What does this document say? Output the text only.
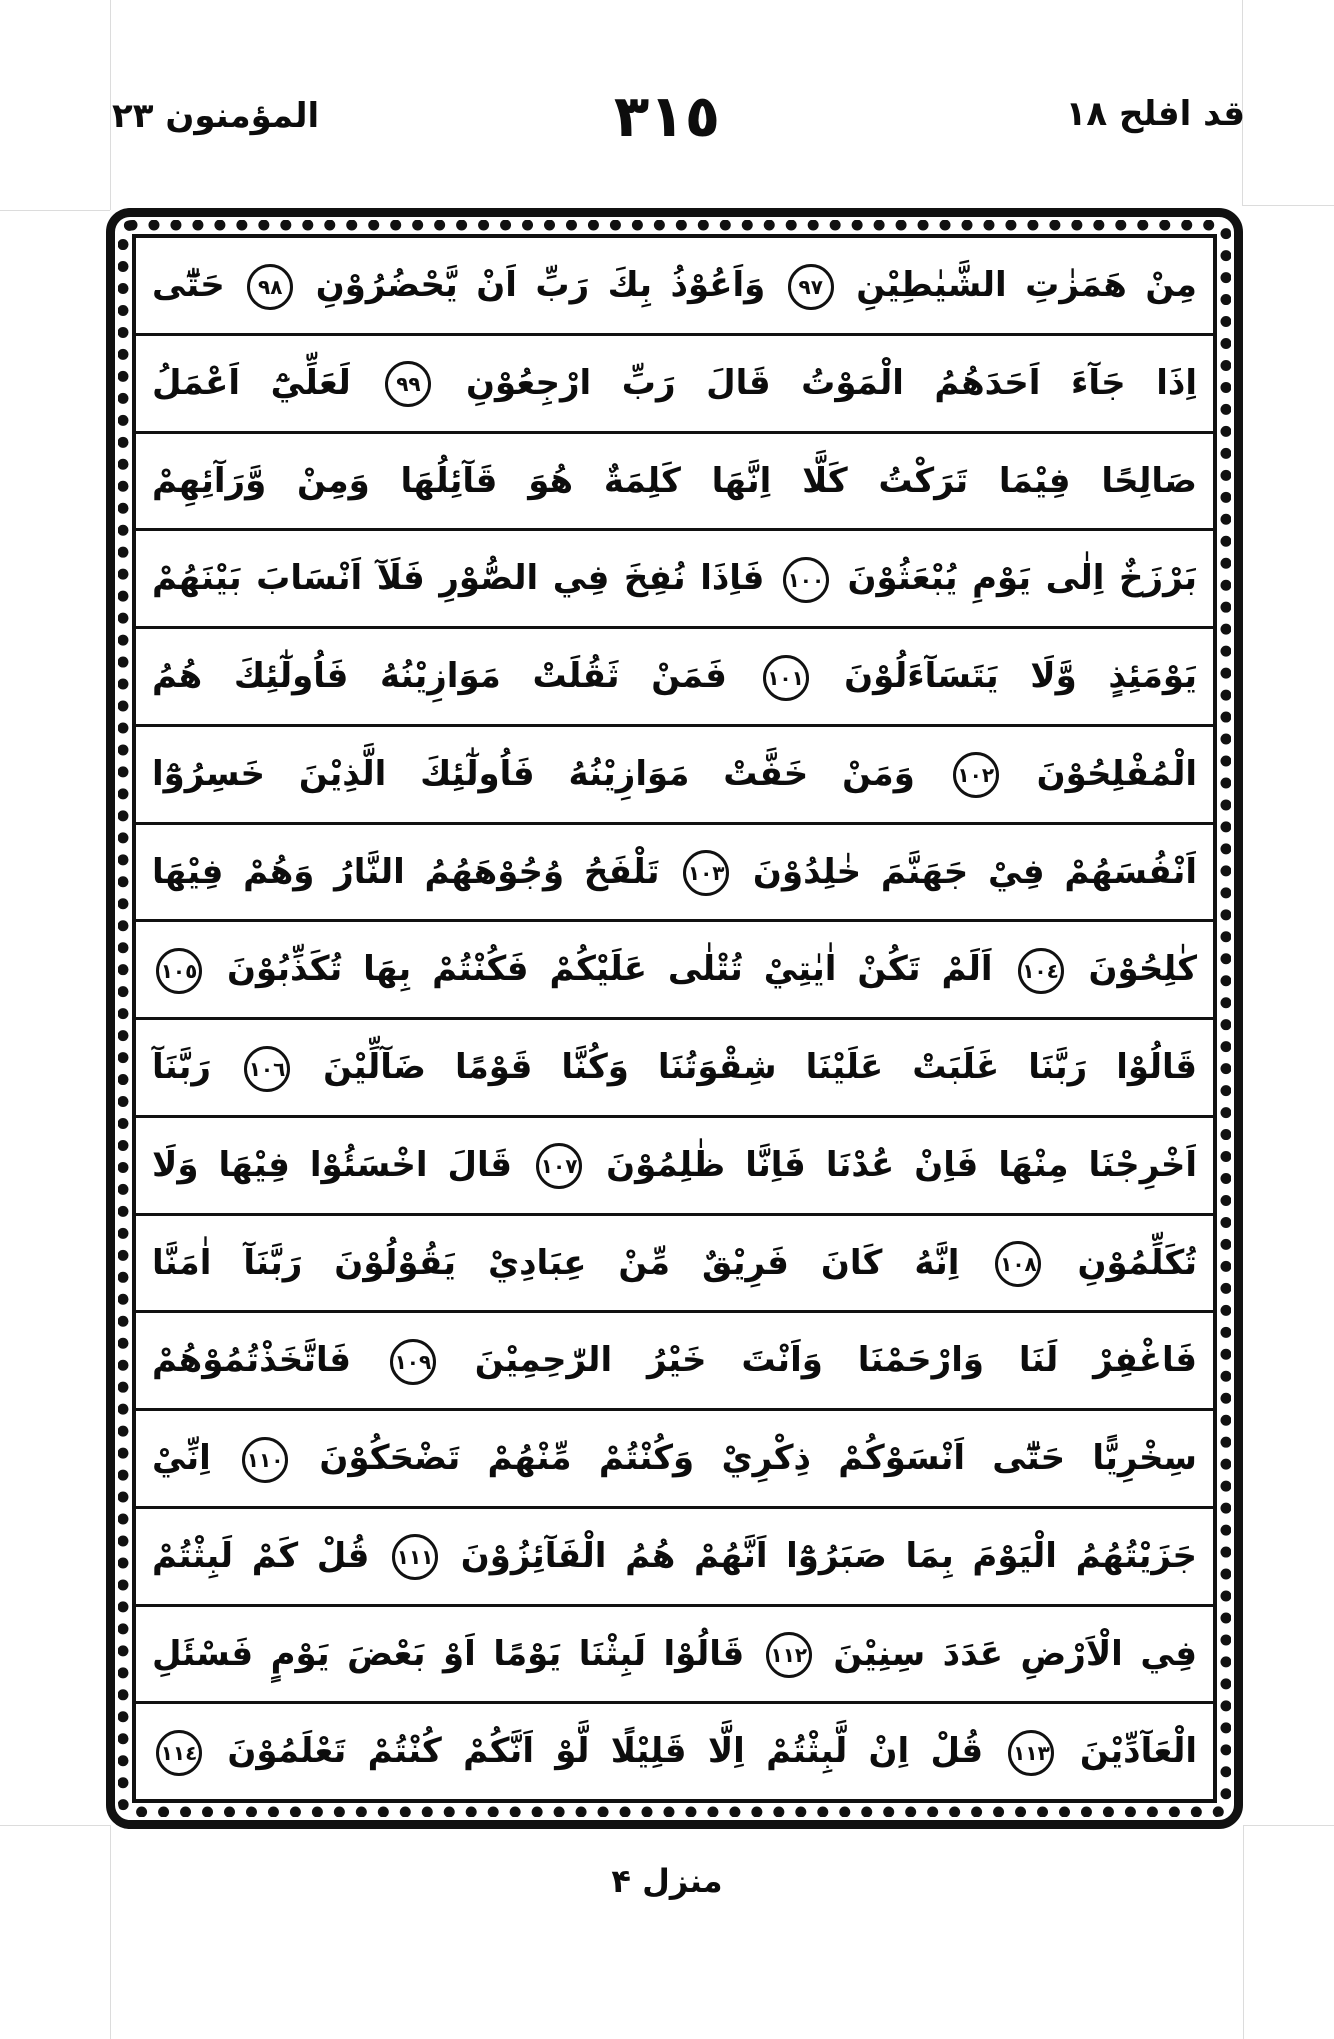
المؤمنون ٢٣	٣١٥	قد افلح ١٨
مِنْ هَمَزٰتِ الشَّيٰطِيْنِ ٩٧ وَاَعُوْذُ بِكَ رَبِّ اَنْ يَّحْضُرُوْنِ ٩٨ حَتّٰٓى
اِذَا جَآءَ اَحَدَهُمُ الْمَوْتُ قَالَ رَبِّ ارْجِعُوْنِ ٩٩ لَعَلِّيْٓ اَعْمَلُ
صَالِحًا فِيْمَا تَرَكْتُ كَلَّا اِنَّهَا كَلِمَةٌ هُوَ قَآئِلُهَا وَمِنْ وَّرَآئِهِمْ
بَرْزَخٌ اِلٰى يَوْمِ يُبْعَثُوْنَ ١٠٠ فَاِذَا نُفِخَ فِي الصُّوْرِ فَلَآ اَنْسَابَ بَيْنَهُمْ
يَوْمَئِذٍ وَّلَا يَتَسَآءَلُوْنَ ١٠١ فَمَنْ ثَقُلَتْ مَوَازِيْنُهُ فَاُولٰٓئِكَ هُمُ
الْمُفْلِحُوْنَ ١٠٢ وَمَنْ خَفَّتْ مَوَازِيْنُهُ فَاُولٰٓئِكَ الَّذِيْنَ خَسِرُوْٓا
اَنْفُسَهُمْ فِيْ جَهَنَّمَ خٰلِدُوْنَ ١٠٣ تَلْفَحُ وُجُوْهَهُمُ النَّارُ وَهُمْ فِيْهَا
كٰلِحُوْنَ ١٠٤ اَلَمْ تَكُنْ اٰيٰتِيْ تُتْلٰى عَلَيْكُمْ فَكُنْتُمْ بِهَا تُكَذِّبُوْنَ ١٠٥
قَالُوْا رَبَّنَا غَلَبَتْ عَلَيْنَا شِقْوَتُنَا وَكُنَّا قَوْمًا ضَآلِّيْنَ ١٠٦ رَبَّنَآ
اَخْرِجْنَا مِنْهَا فَاِنْ عُدْنَا فَاِنَّا ظٰلِمُوْنَ ١٠٧ قَالَ اخْسَئُوْا فِيْهَا وَلَا
تُكَلِّمُوْنِ ١٠٨ اِنَّهُ كَانَ فَرِيْقٌ مِّنْ عِبَادِيْ يَقُوْلُوْنَ رَبَّنَآ اٰمَنَّا
فَاغْفِرْ لَنَا وَارْحَمْنَا وَاَنْتَ خَيْرُ الرّٰحِمِيْنَ ١٠٩ فَاتَّخَذْتُمُوْهُمْ
سِخْرِيًّا حَتّٰٓى اَنْسَوْكُمْ ذِكْرِيْ وَكُنْتُمْ مِّنْهُمْ تَضْحَكُوْنَ ١١٠ اِنِّيْ
جَزَيْتُهُمُ الْيَوْمَ بِمَا صَبَرُوْٓا اَنَّهُمْ هُمُ الْفَآئِزُوْنَ ١١١ قُلْ كَمْ لَبِثْتُمْ
فِي الْاَرْضِ عَدَدَ سِنِيْنَ ١١٢ قَالُوْا لَبِثْنَا يَوْمًا اَوْ بَعْضَ يَوْمٍ فَسْئَلِ
الْعَآدِّيْنَ ١١٣ قُلْ اِنْ لَّبِثْتُمْ اِلَّا قَلِيْلًا لَّوْ اَنَّكُمْ كُنْتُمْ تَعْلَمُوْنَ ١١٤
منزل ۴
